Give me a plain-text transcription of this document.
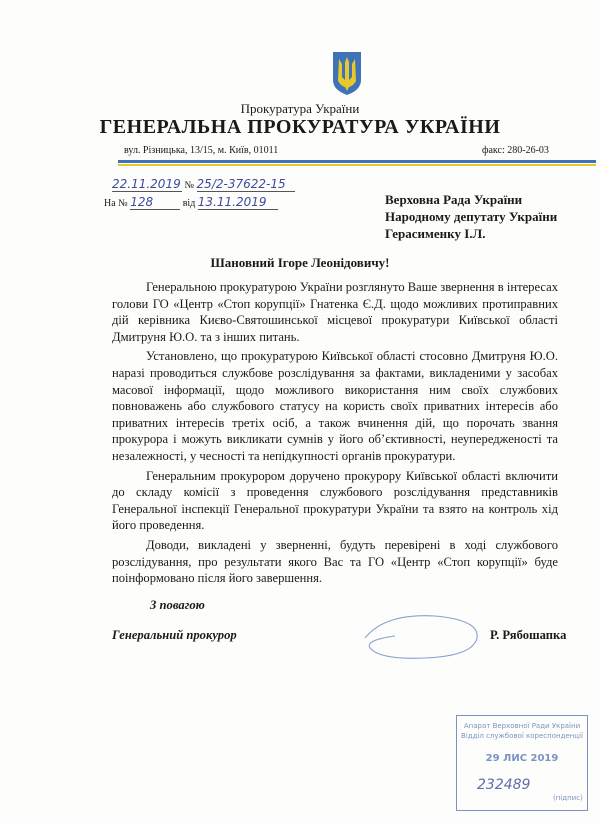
Прокуратура України
ГЕНЕРАЛЬНА ПРОКУРАТУРА УКРАЇНИ
вул. Різницька, 13/15, м. Київ, 01011	факс: 280-26-03
22.11.2019 № 25/2-37622-15
На № 128	від 13.11.2019	Верховна Рада України
Народному депутату України
Герасименку І.Л.
Шановний Ігоре Леонідовичу!

Генеральною прокуратурою України розглянуто Ваше звернення в інтересах голови ГО «Центр «Стоп корупції» Гнатенка Є.Д. щодо можливих протиправних дій керівника Києво-Святошинської місцевої прокуратури Київської області Дмитруня Ю.О. та з інших питань.

Установлено, що прокуратурою Київської області стосовно Дмитруня Ю.О. наразі проводиться службове розслідування за фактами, викладеними у засобах масової інформації, щодо можливого використання ним своїх службових повноважень або службового статусу на користь своїх приватних інтересів або приватних інтересів третіх осіб, а також вчинення дій, що порочать звання прокурора і можуть викликати сумнів у його об’єктивності, неупередженості та незалежності, у чесності та непідкупності органів прокуратури.

Генеральним прокурором доручено прокурору Київської області включити до складу комісії з проведення службового розслідування представників Генеральної інспекції Генеральної прокуратури України та взято на контроль хід його проведення.

Доводи, викладені у зверненні, будуть перевірені в ході службового розслідування, про результати якого Вас та ГО «Центр «Стоп корупції» буде поінформовано після його завершення.

З повагою
Генеральний прокурор	Р. Рябошапка
Апарат Верховної Ради України
Відділ службової кореспонденції
29 ЛИС 2019
232489
(підпис)
